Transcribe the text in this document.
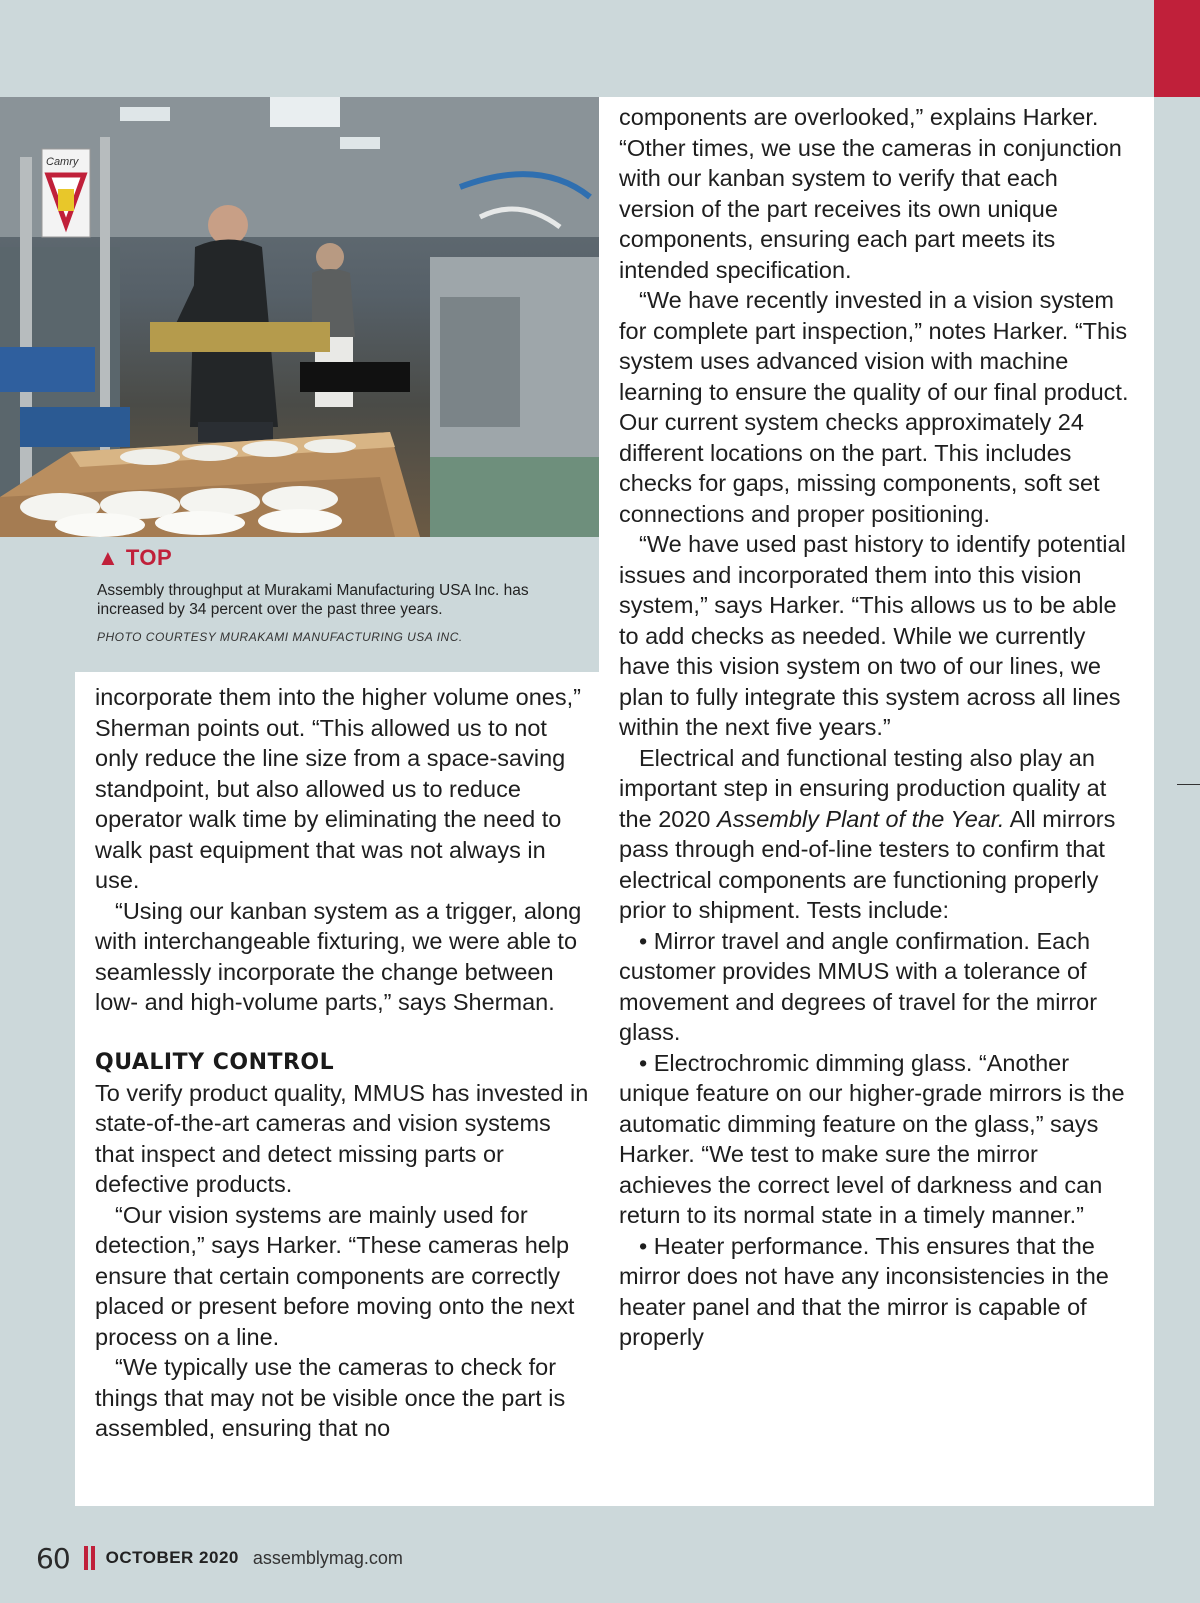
Camry
▲ TOP
Assembly throughput at Murakami Manufacturing USA Inc. has increased by 34 percent over the past three years.
PHOTO COURTESY MURAKAMI MANUFACTURING USA INC.

incorporate them into the higher volume ones,” Sherman points out. “This allowed us to not only reduce the line size from a space-saving standpoint, but also allowed us to reduce operator walk time by eliminating the need to walk past equipment that was not always in use.

“Using our kanban system as a trigger, along with interchangeable fixturing, we were able to seamlessly incorporate the change between low- and high-volume parts,” says Sherman.

QUALITY CONTROL

To verify product quality, MMUS has invested in state-of-the-art cameras and vision systems that inspect and detect missing parts or defective products.

“Our vision systems are mainly used for detection,” says Harker. “These cameras help ensure that certain components are correctly placed or present before moving onto the next process on a line.

“We typically use the cameras to check for things that may not be visible once the part is assembled, ensuring that no

components are overlooked,” explains Harker. “Other times, we use the cameras in conjunction with our kanban system to verify that each version of the part receives its own unique components, ensuring each part meets its intended specification.

“We have recently invested in a vision system for complete part inspection,” notes Harker. “This system uses advanced vision with machine learning to ensure the quality of our final product. Our current system checks approximately 24 different locations on the part. This includes checks for gaps, missing components, soft set connections and proper positioning.

“We have used past history to identify potential issues and incorporated them into this vision system,” says Harker. “This allows us to be able to add checks as needed. While we currently have this vision system on two of our lines, we plan to fully integrate this system across all lines within the next five years.”

Electrical and functional testing also play an important step in ensuring production quality at the 2020 Assembly Plant of the Year. All mirrors pass through end-of-line testers to confirm that electrical components are functioning properly prior to shipment. Tests include:

• Mirror travel and angle confirmation. Each customer provides MMUS with a tolerance of movement and degrees of travel for the mirror glass.

• Electrochromic dimming glass. “Another unique feature on our higher-grade mirrors is the automatic dimming feature on the glass,” says Harker. “We test to make sure the mirror achieves the correct level of darkness and can return to its normal state in a timely manner.”

• Heater performance. This ensures that the mirror does not have any inconsistencies in the heater panel and that the mirror is capable of properly

60 OCTOBER 2020 assemblymag.com
